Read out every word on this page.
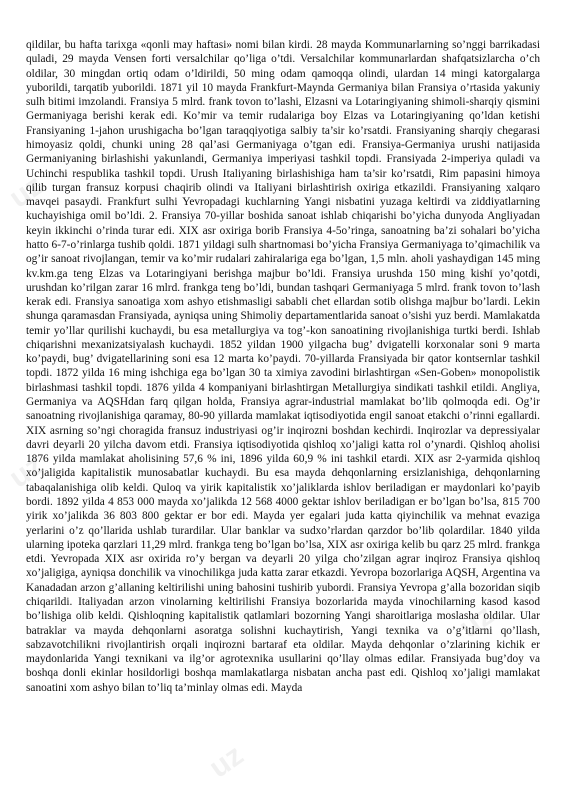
uz
uz
uz
uz
uz

qildilar, bu hafta tarixga «qonli may haftasi» nomi bilan kirdi. 28 mayda Kommunarlarning so’nggi barrikadasi quladi, 29 mayda Vensen forti versalchilar qo’liga o’tdi. Versalchilar kommunarlardan shafqatsizlarcha o’ch oldilar, 30 mingdan ortiq odam o’ldirildi, 50 ming odam qamoqqa olindi, ulardan 14 mingi katorgalarga yuborildi, tarqatib yuborildi. 1871 yil 10 mayda Frankfurt-Maynda Germaniya bilan Fransiya o’rtasida yakuniy sulh bitimi imzolandi. Fransiya 5 mlrd. frank tovon to’lashi, Elzasni va Lotaringiyaning shimoli-sharqiy qismini Germaniyaga berishi kerak edi. Ko’mir va temir rudalariga boy Elzas va Lotaringiyaning qo’ldan ketishi Fransiyaning 1-jahon urushigacha bo’lgan taraqqiyotiga salbiy ta’sir ko’rsatdi. Fransiyaning sharqiy chegarasi himoyasiz qoldi, chunki uning 28 qal’asi Germaniyaga o’tgan edi. Fransiya-Germaniya urushi natijasida Germaniyaning birlashishi yakunlandi, Germaniya imperiyasi tashkil topdi. Fransiyada 2-imperiya quladi va Uchinchi respublika tashkil topdi. Urush Italiyaning birlashishiga ham ta’sir ko’rsatdi, Rim papasini himoya qilib turgan fransuz korpusi chaqirib olindi va Italiyani birlashtirish oxiriga etkazildi. Fransiyaning xalqaro mavqei pasaydi. Frankfurt sulhi Yevropadagi kuchlarning Yangi nisbatini yuzaga keltirdi va ziddiyatlarning kuchayishiga omil bo’ldi. 2. Fransiya 70-yillar boshida sanoat ishlab chiqarishi bo’yicha dunyoda Angliyadan keyin ikkinchi o’rinda turar edi. XIX asr oxiriga borib Fransiya 4-5o’ringa, sanoatning ba’zi sohalari bo’yicha hatto 6-7-o’rinlarga tushib qoldi. 1871 yildagi sulh shartnomasi bo’yicha Fransiya Germaniyaga to’qimachilik va og’ir sanoat rivojlangan, temir va ko’mir rudalari zahiralariga ega bo’lgan, 1,5 mln. aholi yashaydigan 145 ming kv.km.ga teng Elzas va Lotaringiyani berishga majbur bo’ldi. Fransiya urushda 150 ming kishi yo’qotdi, urushdan ko’rilgan zarar 16 mlrd. frankga teng bo’ldi, bundan tashqari Germaniyaga 5 mlrd. frank tovon to’lash kerak edi. Fransiya sanoatiga xom ashyo etishmasligi sababli chet ellardan sotib olishga majbur bo’lardi. Lekin shunga qaramasdan Fransiyada, ayniqsa uning Shimoliy departamentlarida sanoat o’sishi yuz berdi. Mamlakatda temir yo’llar qurilishi kuchaydi, bu esa metallurgiya va tog’-kon sanoatining rivojlanishiga turtki berdi. Ishlab chiqarishni mexanizatsiyalash kuchaydi. 1852 yildan 1900 yilgacha bug’ dvigatelli korxonalar soni 9 marta ko’paydi, bug’ dvigatellarining soni esa 12 marta ko’paydi. 70-yillarda Fransiyada bir qator kontsernlar tashkil topdi. 1872 yilda 16 ming ishchiga ega bo’lgan 30 ta ximiya zavodini birlashtirgan «Sen-Goben» monopolistik birlashmasi tashkil topdi. 1876 yilda 4 kompaniyani birlashtirgan Metallurgiya sindikati tashkil etildi. Angliya, Germaniya va AQSHdan farq qilgan holda, Fransiya agrar-industrial mamlakat bo’lib qolmoqda edi. Og’ir sanoatning rivojlanishiga qaramay, 80-90 yillarda mamlakat iqtisodiyotida engil sanoat etakchi o’rinni egallardi. XIX asrning so’ngi choragida fransuz industriyasi og’ir inqirozni boshdan kechirdi. Inqirozlar va depressiyalar davri deyarli 20 yilcha davom etdi. Fransiya iqtisodiyotida qishloq xo’jaligi katta rol o’ynardi. Qishloq aholisi 1876 yilda mamlakat aholisining 57,6 % ini, 1896 yilda 60,9 % ini tashkil etardi. XIX asr 2-yarmida qishloq xo’jaligida kapitalistik munosabatlar kuchaydi. Bu esa mayda dehqonlarning ersizlanishiga, dehqonlarning tabaqalanishiga olib keldi. Quloq va yirik kapitalistik xo’jaliklarda ishlov beriladigan er maydonlari ko’payib bordi. 1892 yilda 4 853 000 mayda xo’jalikda 12 568 4000 gektar ishlov beriladigan er bo’lgan bo’lsa, 815 700 yirik xo’jalikda 36 803 800 gektar er bor edi. Mayda yer egalari juda katta qiyinchilik va mehnat evaziga yerlarini o’z qo’llarida ushlab turardilar. Ular banklar va sudxo’rlardan qarzdor bo’lib qolardilar. 1840 yilda ularning ipoteka qarzlari 11,29 mlrd. frankga teng bo’lgan bo’lsa, XIX asr oxiriga kelib bu qarz 25 mlrd. frankga etdi. Yevropada XIX asr oxirida ro’y bergan va deyarli 20 yilga cho’zilgan agrar inqiroz Fransiya qishloq xo’jaligiga, ayniqsa donchilik va vinochilikga juda katta zarar etkazdi. Yevropa bozorlariga AQSH, Argentina va Kanadadan arzon g’allaning keltirilishi uning bahosini tushirib yubordi. Fransiya Yevropa g’alla bozoridan siqib chiqarildi. Italiyadan arzon vinolarning keltirilishi Fransiya bozorlarida mayda vinochilarning kasod kasod bo’lishiga olib keldi. Qishloqning kapitalistik qatlamlari bozorning Yangi sharoitlariga moslasha oldilar. Ular batraklar va mayda dehqonlarni asoratga solishni kuchaytirish, Yangi texnika va o’g’itlarni qo’llash, sabzavotchilikni rivojlantirish orqali inqirozni bartaraf eta oldilar. Mayda dehqonlar o’zlarining kichik er maydonlarida Yangi texnikani va ilg’or agrotexnika usullarini qo’llay olmas edilar. Fransiyada bug’doy va boshqa donli ekinlar hosildorligi boshqa mamlakatlarga nisbatan ancha past edi. Qishloq xo’jaligi mamlakat sanoatini xom ashyo bilan to’liq ta’minlay olmas edi. Mayda
